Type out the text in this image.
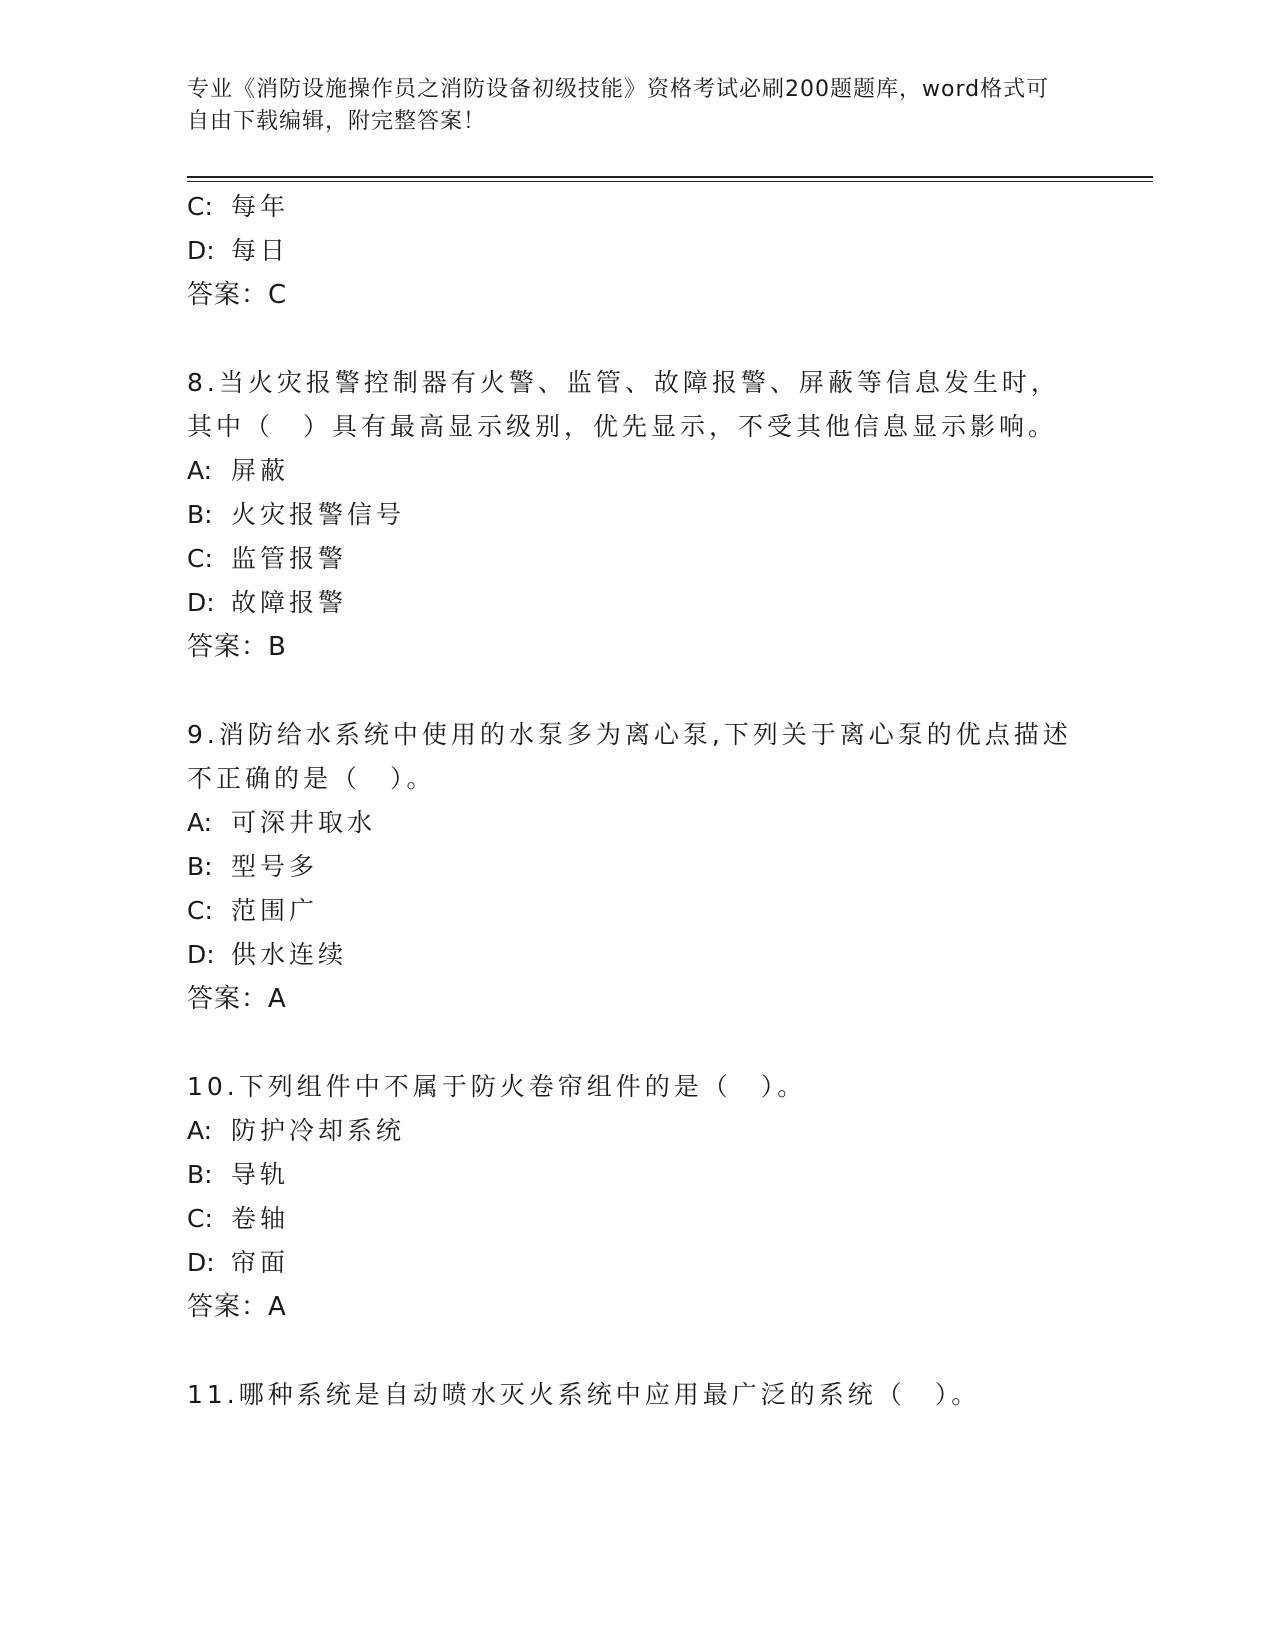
专业《消防设施操作员之消防设备初级技能》资格考试必刷200题题库，word格式可自由下载编辑，附完整答案！
C: 每年
D: 每日
答案：C
8.当火灾报警控制器有火警、监管、故障报警、屏蔽等信息发生时，
其中（　）具有最高显示级别，优先显示，不受其他信息显示影响。
A: 屏蔽
B: 火灾报警信号
C: 监管报警
D: 故障报警
答案：B
9.消防给水系统中使用的水泵多为离心泵,下列关于离心泵的优点描述
不正确的是（　）。
A: 可深井取水
B: 型号多
C: 范围广
D: 供水连续
答案：A
10.下列组件中不属于防火卷帘组件的是（　）。
A: 防护冷却系统
B: 导轨
C: 卷轴
D: 帘面
答案：A
11.哪种系统是自动喷水灭火系统中应用最广泛的系统（　）。
